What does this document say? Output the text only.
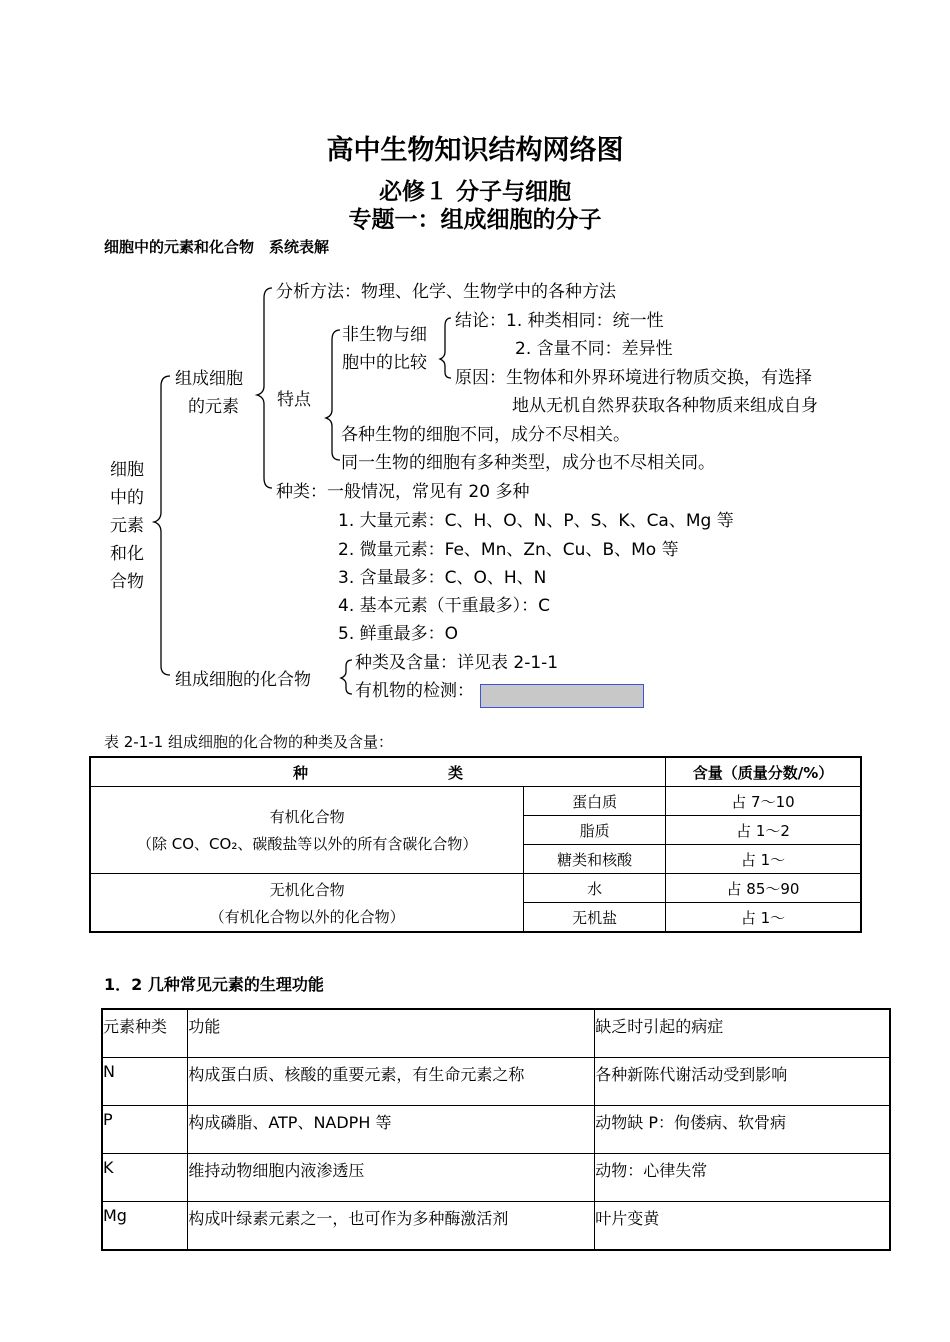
高中生物知识结构网络图
必修１ 分子与细胞
专题一：组成细胞的分子
细胞中的元素和化合物　系统表解
细胞
中的
元素
和化
合物
组成细胞
的元素
分析方法：物理、化学、生物学中的各种方法
特点
非生物与细
胞中的比较
结论：1. 种类相同：统一性
2. 含量不同：差异性
原因：生物体和外界环境进行物质交换，有选择
地从无机自然界获取各种物质来组成自身
各种生物的细胞不同，成分不尽相关。
同一生物的细胞有多种类型，成分也不尽相关同。
种类：一般情况，常见有 20 多种
1. 大量元素：C、H、O、N、P、S、K、Ca、Mg 等
2. 微量元素：Fe、Mn、Zn、Cu、B、Mo 等
3. 含量最多：C、O、H、N
4. 基本元素（干重最多）：C
5. 鲜重最多：O
组成细胞的化合物
种类及含量：详见表 2-1-1
有机物的检测：
表 2-1-1 组成细胞的化合物的种类及含量：
种 类		含量（质量分数/%）

有机化合物
（除 CO、CO₂、碳酸盐等以外的所有含碳化合物）	蛋白质	占 7～10
	脂质	占 1～2
	糖类和核酸	占 1～

无机化合物
（有机化合物以外的化合物）	水	占 85～90
	无机盐	占 1～
1．2 几种常见元素的生理功能
元素种类	功能	缺乏时引起的病症
N	构成蛋白质、核酸的重要元素，有生命元素之称	各种新陈代谢活动受到影响
P	构成磷脂、ATP、NADPH 等	动物缺 P：佝偻病、软骨病
K	维持动物细胞内液渗透压	动物：心律失常
Mg	构成叶绿素元素之一，也可作为多种酶激活剂	叶片变黄
